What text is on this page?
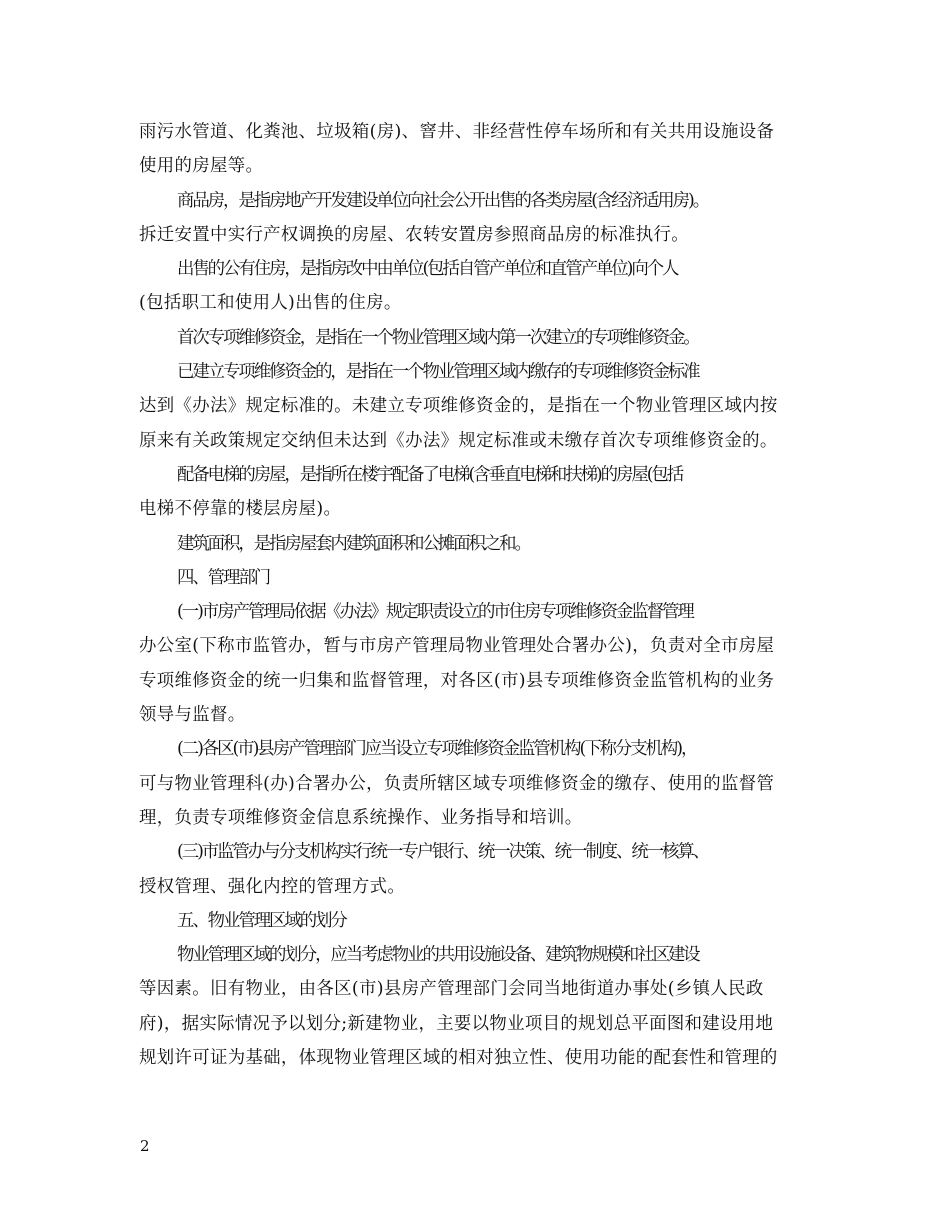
雨污水管道、化粪池、垃圾箱(房)、窨井、非经营性停车场所和有关共用设施设备
使用的房屋等。
商品房，是指房地产开发建设单位向社会公开出售的各类房屋(含经济适用房)。
拆迁安置中实行产权调换的房屋、农转安置房参照商品房的标准执行。
出售的公有住房，是指房改中由单位(包括自管产单位和直管产单位)向个人
(包括职工和使用人)出售的住房。
首次专项维修资金，是指在一个物业管理区域内第一次建立的专项维修资金。
已建立专项维修资金的，是指在一个物业管理区域内缴存的专项维修资金标准
达到《办法》规定标准的。未建立专项维修资金的，是指在一个物业管理区域内按
原来有关政策规定交纳但未达到《办法》规定标准或未缴存首次专项维修资金的。
配备电梯的房屋，是指所在楼宇配备了电梯(含垂直电梯和扶梯)的房屋(包括
电梯不停靠的楼层房屋)。
建筑面积，是指房屋套内建筑面积和公摊面积之和。
四、管理部门
(一)市房产管理局依据《办法》规定职责设立的市住房专项维修资金监督管理
办公室(下称市监管办，暂与市房产管理局物业管理处合署办公)，负责对全市房屋
专项维修资金的统一归集和监督管理，对各区(市)县专项维修资金监管机构的业务
领导与监督。
(二)各区(市)县房产管理部门应当设立专项维修资金监管机构(下称分支机构)，
可与物业管理科(办)合署办公，负责所辖区域专项维修资金的缴存、使用的监督管
理，负责专项维修资金信息系统操作、业务指导和培训。
(三)市监管办与分支机构实行统一专户银行、统一决策、统一制度、统一核算、
授权管理、强化内控的管理方式。
五、物业管理区域的划分
物业管理区域的划分，应当考虑物业的共用设施设备、建筑物规模和社区建设
等因素。旧有物业，由各区(市)县房产管理部门会同当地街道办事处(乡镇人民政
府)，据实际情况予以划分;新建物业，主要以物业项目的规划总平面图和建设用地
规划许可证为基础，体现物业管理区域的相对独立性、使用功能的配套性和管理的
2
